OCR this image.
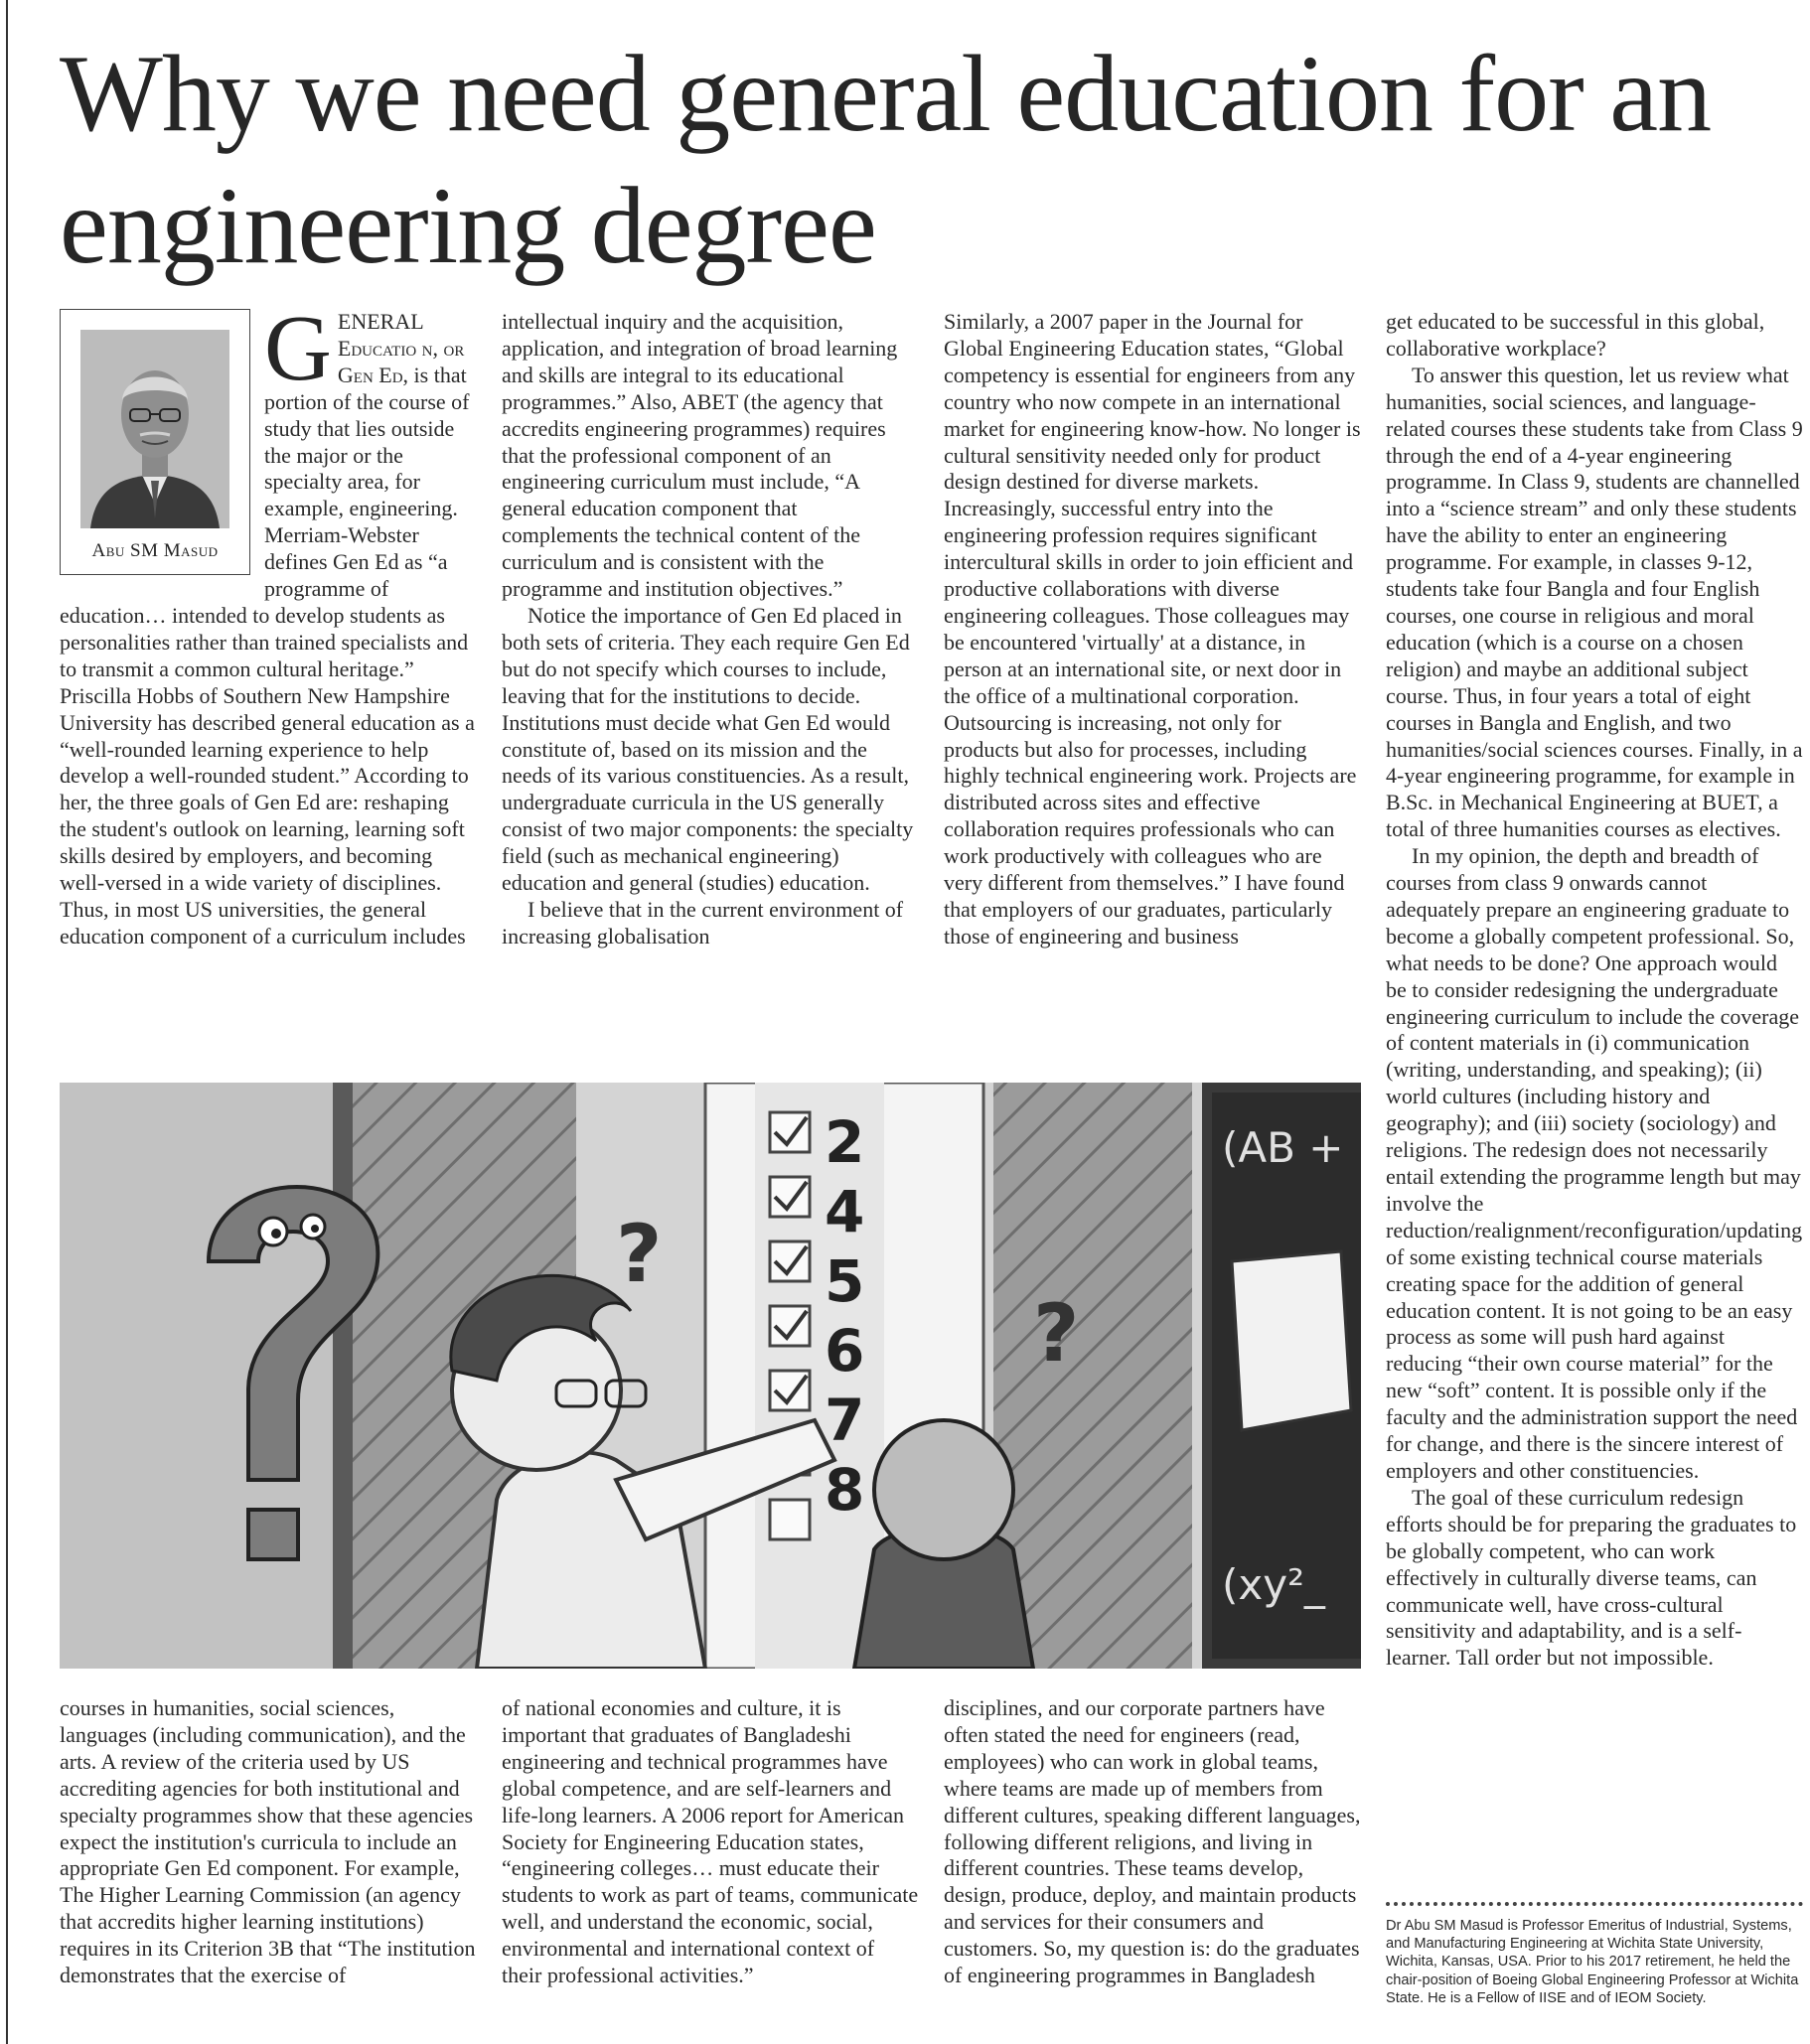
Why we need general education for an engineering degree
Abu SM Masud

GENERAL Educatio n, or Gen Ed, is that portion of the course of study that lies outside the major or the specialty area, for example, engineering. Merriam-Webster defines Gen Ed as “a programme of education… intended to develop students as personalities rather than trained specialists and to transmit a common cultural heritage.” Priscilla Hobbs of Southern New Hampshire University has described general education as a “well-rounded learning experience to help develop a well-rounded student.” According to her, the three goals of Gen Ed are: reshaping the student's outlook on learning, learning soft skills desired by employers, and becoming well-versed in a wide variety of disciplines. Thus, in most US universities, the general education component of a curriculum includes

intellectual inquiry and the acquisition, application, and integration of broad learning and skills are integral to its educational programmes.” Also, ABET (the agency that accredits engineering programmes) requires that the professional component of an engineering curriculum must include, “A general education component that complements the technical content of the curriculum and is consistent with the programme and institution objectives.”

Notice the importance of Gen Ed placed in both sets of criteria. They each require Gen Ed but do not specify which courses to include, leaving that for the institutions to decide. Institutions must decide what Gen Ed would constitute of, based on its mission and the needs of its various constituencies. As a result, undergraduate curricula in the US generally consist of two major components: the specialty field (such as mechanical engineering) education and general (studies) education.

I believe that in the current environment of increasing globalisation

Similarly, a 2007 paper in the Journal for Global Engineering Education states, “Global competency is essential for engineers from any country who now compete in an international market for engineering know-how. No longer is cultural sensitivity needed only for product design destined for diverse markets. Increasingly, successful entry into the engineering profession requires significant intercultural skills in order to join efficient and productive collaborations with diverse engineering colleagues. Those colleagues may be encountered 'virtually' at a distance, in person at an international site, or next door in the office of a multinational corporation. Outsourcing is increasing, not only for products but also for processes, including highly technical engineering work. Projects are distributed across sites and effective collaboration requires professionals who can work productively with colleagues who are very different from themselves.” I have found that employers of our graduates, particularly those of engineering and business

get educated to be successful in this global, collaborative workplace?

To answer this question, let us review what humanities, social sciences, and language-related courses these students take from Class 9 through the end of a 4-year engineering programme. In Class 9, students are channelled into a “science stream” and only these students have the ability to enter an engineering programme. For example, in classes 9-12, students take four Bangla and four English courses, one course in religious and moral education (which is a course on a chosen religion) and maybe an additional subject course. Thus, in four years a total of eight courses in Bangla and English, and two humanities/social sciences courses. Finally, in a 4-year engineering programme, for example in B.Sc. in Mechanical Engineering at BUET, a total of three humanities courses as electives.

In my opinion, the depth and breadth of courses from class 9 onwards cannot adequately prepare an engineering graduate to become a globally competent professional. So, what needs to be done? One approach would be to consider redesigning the undergraduate engineering curriculum to include the coverage of content materials in (i) communication (writing, understanding, and speaking); (ii) world cultures (including history and geography); and (iii) society (sociology) and religions. The redesign does not necessarily entail extending the programme length but may involve the reduction/realignment/reconfiguration/updating of some existing technical course materials creating space for the addition of general education content. It is not going to be an easy process as some will push hard against reducing “their own course material” for the new “soft” content. It is possible only if the faculty and the administration support the need for change, and there is the sincere interest of employers and other constituencies.

The goal of these curriculum redesign efforts should be for preparing the graduates to be globally competent, who can work effectively in culturally diverse teams, can communicate well, have cross-cultural sensitivity and adaptability, and is a self-learner. Tall order but not impossible.

2
4
5
6
7
8
(AB +
(xy²_
?
?

courses in humanities, social sciences, languages (including communication), and the arts. A review of the criteria used by US accrediting agencies for both institutional and specialty programmes show that these agencies expect the institution's curricula to include an appropriate Gen Ed component. For example, The Higher Learning Commission (an agency that accredits higher learning institutions) requires in its Criterion 3B that “The institution demonstrates that the exercise of

of national economies and culture, it is important that graduates of Bangladeshi engineering and technical programmes have global competence, and are self-learners and life-long learners. A 2006 report for American Society for Engineering Education states, “engineering colleges… must educate their students to work as part of teams, communicate well, and understand the economic, social, environmental and international context of their professional activities.”

disciplines, and our corporate partners have often stated the need for engineers (read, employees) who can work in global teams, where teams are made up of members from different cultures, speaking different languages, following different religions, and living in different countries. These teams develop, design, produce, deploy, and maintain products and services for their consumers and customers. So, my question is: do the graduates of engineering programmes in Bangladesh

Dr Abu SM Masud is Professor Emeritus of Industrial, Systems, and Manufacturing Engineering at Wichita State University, Wichita, Kansas, USA. Prior to his 2017 retirement, he held the chair-position of Boeing Global Engineering Professor at Wichita State. He is a Fellow of IISE and of IEOM Society.
